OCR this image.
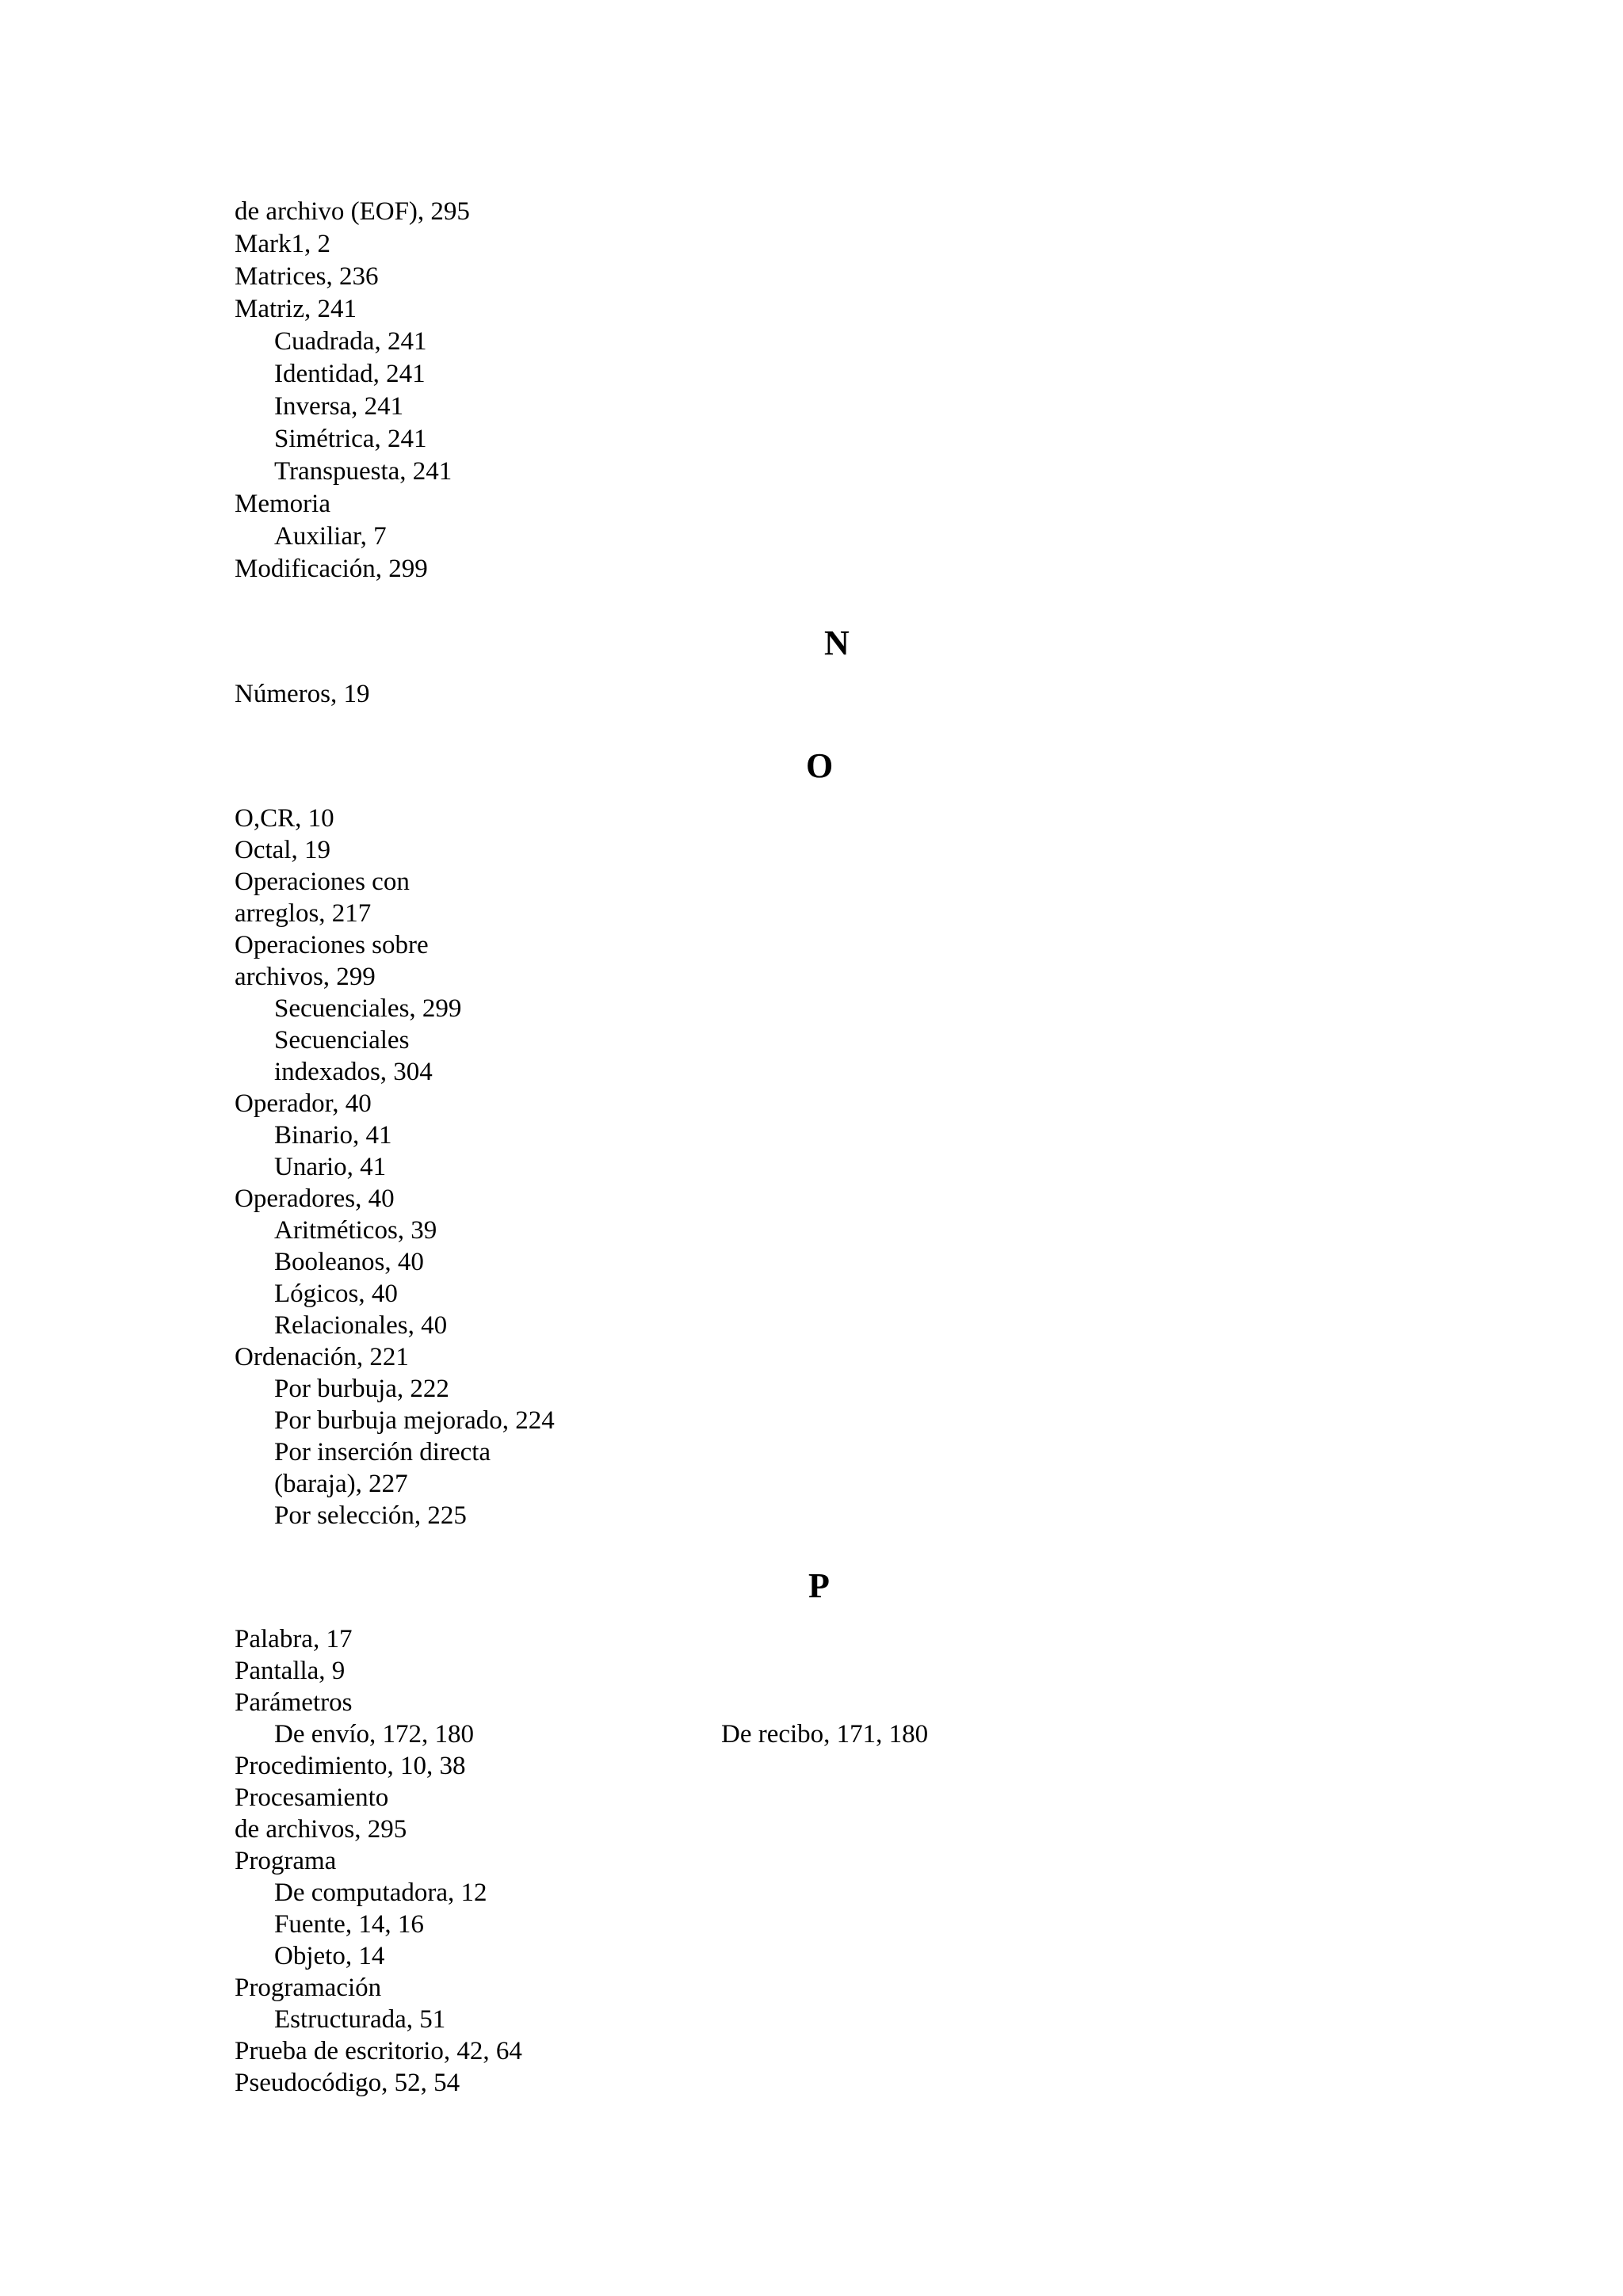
de archivo (EOF), 295
Mark1, 2
Matrices, 236
Matriz, 241
Cuadrada, 241
Identidad, 241
Inversa, 241
Simétrica, 241
Transpuesta, 241
Memoria
Auxiliar, 7
Modificación, 299
N
Números, 19
O
O,CR, 10
Octal, 19
Operaciones con
arreglos, 217
Operaciones sobre
archivos, 299
Secuenciales, 299
Secuenciales
indexados, 304
Operador, 40
Binario, 41
Unario, 41
Operadores, 40
Aritméticos, 39
Booleanos, 40
Lógicos, 40
Relacionales, 40
Ordenación, 221
Por burbuja, 222
Por burbuja mejorado, 224
Por inserción directa
(baraja), 227
Por selección, 225
P
Palabra, 17
Pantalla, 9
Parámetros
De envío, 172, 180
Procedimiento, 10, 38
Procesamiento
de archivos, 295
Programa
De computadora, 12
Fuente, 14, 16
Objeto, 14
Programación
Estructurada, 51
Prueba de escritorio, 42, 64
Pseudocódigo, 52, 54
De recibo, 171, 180
